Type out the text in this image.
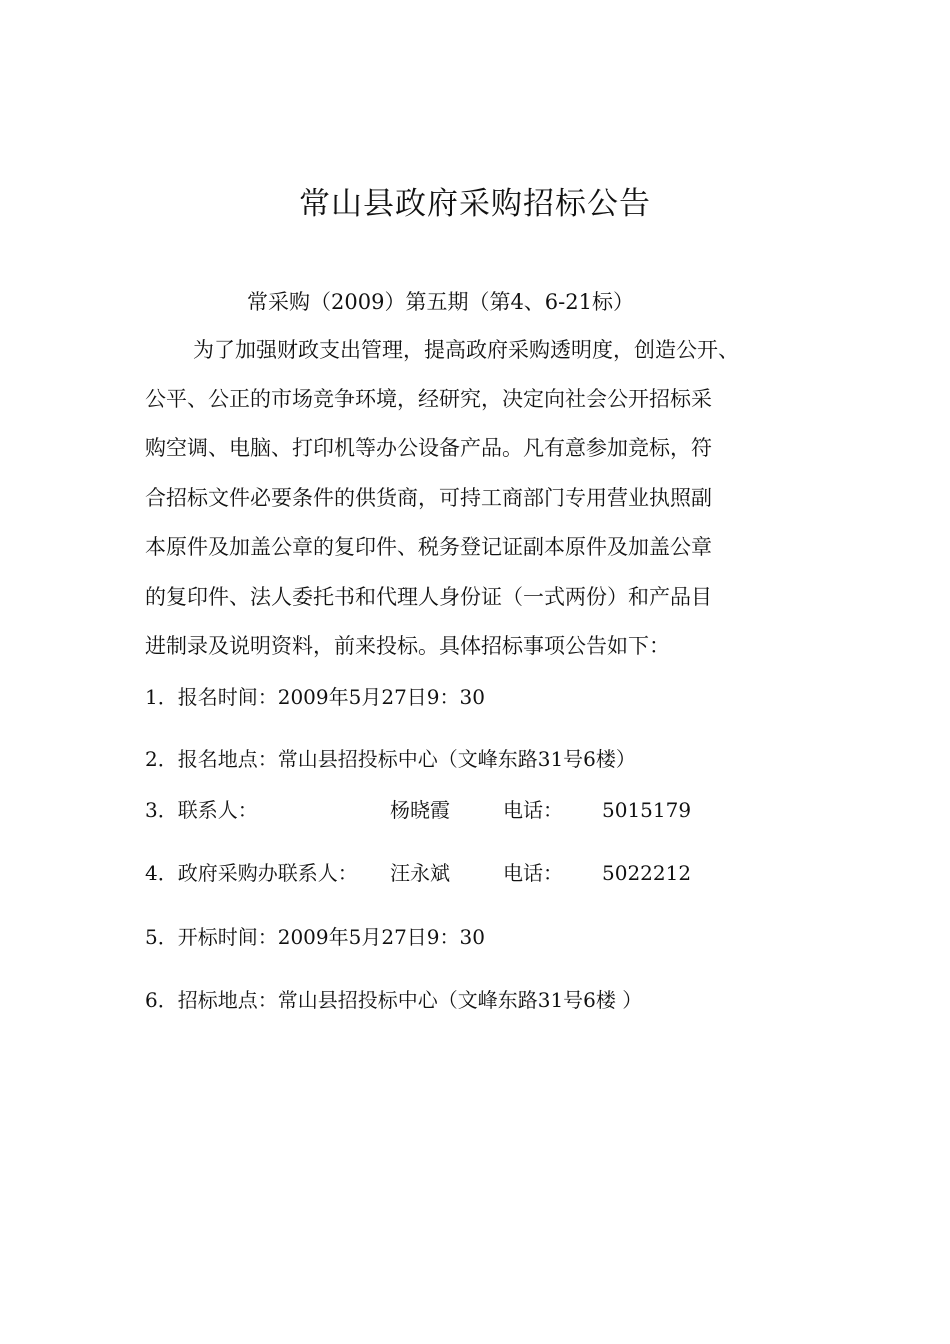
常山县政府采购招标公告
常采购（2009）第五期（第4、6-21标）
为了加强财政支出管理，提高政府采购透明度，创造公开、
公平、公正的市场竞争环境，经研究，决定向社会公开招标采
购空调、电脑、打印机等办公设备产品。凡有意参加竞标，符
合招标文件必要条件的供货商，可持工商部门专用营业执照副
本原件及加盖公章的复印件、税务登记证副本原件及加盖公章
的复印件、法人委托书和代理人身份证（一式两份）和产品目
进制录及说明资料，前来投标。具体招标事项公告如下：
1．报名时间：2009年5月27日9：30
2．报名地点：常山县招投标中心（文峰东路31号6楼）
3．联系人：	杨晓霞	电话： 5015179
4．政府采购办联系人： 汪永斌	电话： 5022212
5．开标时间：2009年5月27日9：30
6．招标地点：常山县招投标中心（文峰东路31号6楼 ）
